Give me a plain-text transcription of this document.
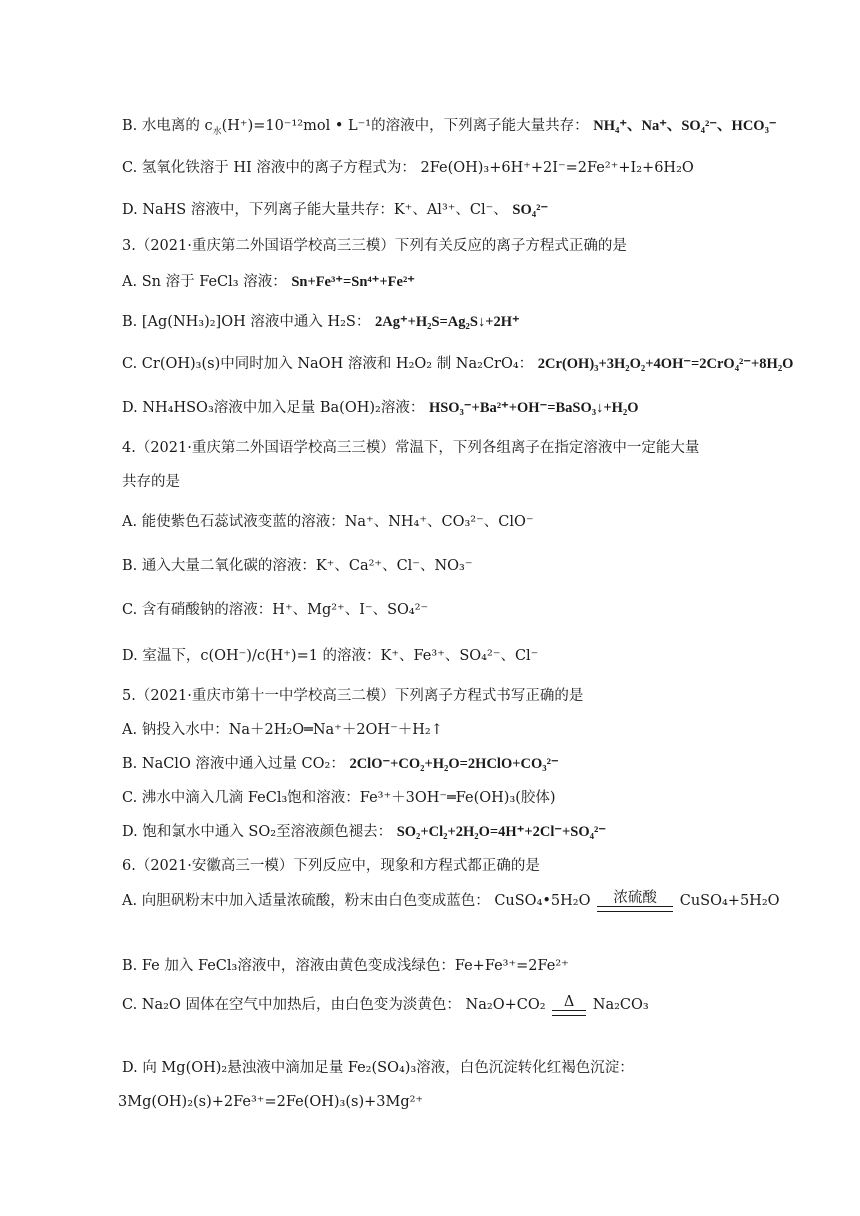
B. 水电离的 $c_水(H^+)=10^{-12}mol$ • L⁻¹的溶液中，下列离子能大量共存： NH₄⁺、Na⁺、SO₄²⁻、HCO₃⁻
C. 氢氧化铁溶于 HI 溶液中的离子方程式为： 2Fe(OH)₃+6H⁺+2I⁻=2Fe²⁺+I₂+6H₂O
D. NaHS 溶液中，下列离子能大量共存：K⁺、Al³⁺、Cl⁻、 SO₄²⁻
3.（2021·重庆第二外国语学校高三三模）下列有关反应的离子方程式正确的是
A. Sn 溶于 FeCl₃ 溶液： Sn+Fe³⁺=Sn⁴⁺+Fe²⁺
B. [Ag(NH₃)₂]OH 溶液中通入 H₂S： 2Ag⁺+H₂S=Ag₂S↓+2H⁺
C. Cr(OH)₃(s)中同时加入 NaOH 溶液和 H₂O₂ 制 Na₂CrO₄： 2Cr(OH)₃+3H₂O₂+4OH⁻=2CrO₄²⁻+8H₂O
D. NH₄HSO₃溶液中加入足量 Ba(OH)₂溶液： HSO₃⁻+Ba²⁺+OH⁻=BaSO₃↓+H₂O
4.（2021·重庆第二外国语学校高三三模）常温下，下列各组离子在指定溶液中一定能大量
共存的是
A. 能使紫色石蕊试液变蓝的溶液：Na⁺、NH₄⁺、CO₃²⁻、ClO⁻
B. 通入大量二氧化碳的溶液：K⁺、Ca²⁺、Cl⁻、NO₃⁻
C. 含有硝酸钠的溶液：H⁺、Mg²⁺、I⁻、SO₄²⁻
D. 室温下，c(OH⁻)/c(H⁺)=1 的溶液：K⁺、Fe³⁺、SO₄²⁻、Cl⁻
5.（2021·重庆市第十一中学校高三二模）下列离子方程式书写正确的是
A. 钠投入水中：Na＋2H₂O═Na⁺＋2OH⁻＋H₂↑
B. NaClO 溶液中通入过量 CO₂： 2ClO⁻+CO₂+H₂O=2HClO+CO₃²⁻
C. 沸水中滴入几滴 FeCl₃饱和溶液：Fe³⁺＋3OH⁻═Fe(OH)₃(胶体)
D. 饱和氯水中通入 SO₂至溶液颜色褪去： SO₂+Cl₂+2H₂O=4H⁺+2Cl⁻+SO₄²⁻
6.（2021·安徽高三一模）下列反应中，现象和方程式都正确的是
A. 向胆矾粉末中加入适量浓硫酸，粉末由白色变成蓝色： CuSO₄•5H₂O	浓硫酸	CuSO₄+5H₂O
B. Fe 加入 FeCl₃溶液中，溶液由黄色变成浅绿色：Fe+Fe³⁺=2Fe²⁺
C. Na₂O 固体在空气中加热后，由白色变为淡黄色： Na₂O+CO₂	Δ	Na₂CO₃
D. 向 Mg(OH)₂悬浊液中滴加足量 Fe₂(SO₄)₃溶液，白色沉淀转化红褐色沉淀：
3Mg(OH)₂(s)+2Fe³⁺=2Fe(OH)₃(s)+3Mg²⁺
